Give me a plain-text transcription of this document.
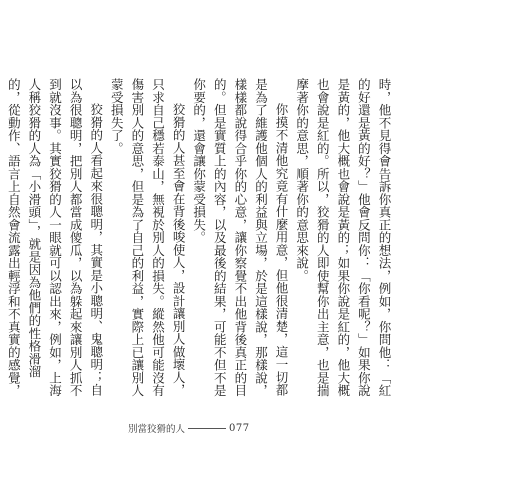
時，他不見得會告訴你真正的想法，例如，你問他：「紅的好還是黃的好？」他會反問你：「你看呢？」如果你說是黃的，他大概也會說是黃的；如果你說是紅的，他大概也會說是紅的。所以，狡猾的人即使幫你出主意，也是揣摩著你的意思，順著你的意思來說。

你摸不清他究竟有什麼用意，但他很清楚，這一切都是為了維護他個人的利益與立場，於是這樣說，那樣說，樣樣都說得合乎你的心意，讓你察覺不出他背後真正的目的。但是實質上的內容，以及最後的結果，可能不但不是你要的，還會讓你蒙受損失。

狡猾的人甚至會在背後唆使人，設計讓別人做壞人，只求自己穩若泰山，無視於別人的損失。縱然他可能沒有傷害別人的意思，但是為了自己的利益，實際上已讓別人蒙受損失了。

狡猾的人看起來很聰明，其實是小聰明、鬼聰明；自以為很聰明，把別人都當成傻瓜，以為躲起來讓別人抓不到就沒事。其實狡猾的人一眼就可以認出來，例如，上海人稱狡猾的人為「小滑頭」，就是因為他們的性格滑溜的，從動作、語言上自然會流露出輕浮和不真實的感覺，

別當狡猾的人	077
